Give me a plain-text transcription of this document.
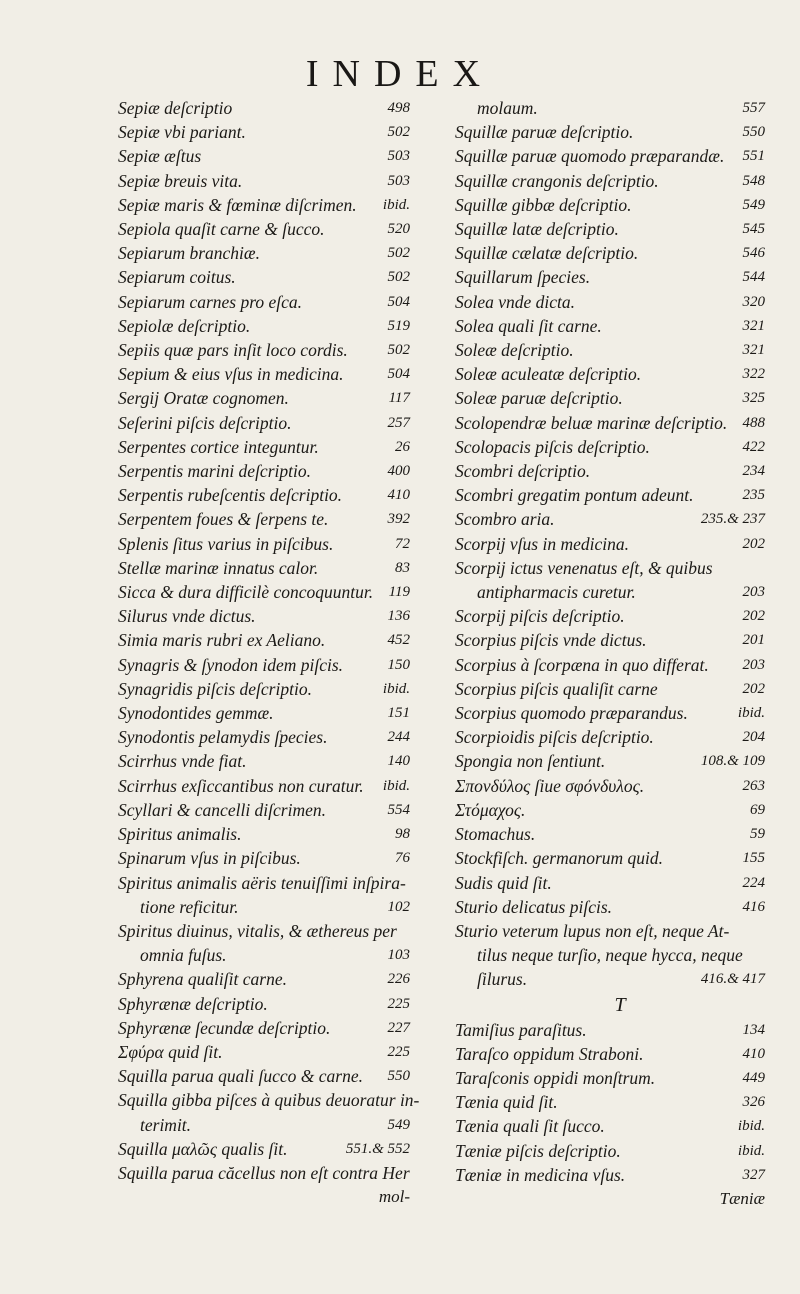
INDEX
Sepiæ deſcriptio	498
Sepiæ vbi pariant.	502
Sepiæ æſtus	503
Sepiæ breuis vita.	503
Sepiæ maris & fœminæ diſcrimen. ibid.
Sepiola quaſit carne & ſucco.	520
Sepiarum branchiæ.	502
Sepiarum coitus.	502
Sepiarum carnes pro eſca.	504
Sepiolæ deſcriptio.	519
Sepiis quæ pars inſit loco cordis.	502
Sepium & eius vſus in medicina.	504
Sergij Oratæ cognomen.	117
Seſerini piſcis deſcriptio.	257
Serpentes cortice integuntur.	26
Serpentis marini deſcriptio.	400
Serpentis rubeſcentis deſcriptio.	410
Serpentem foues & ſerpens te.	392
Splenis ſitus varius in piſcibus.	72
Stellæ marinæ innatus calor.	83
Sicca & dura difficilè concoquuntur. 119
Silurus vnde dictus.	136
Simia maris rubri ex Aeliano.	452
Synagris & ſynodon idem piſcis.	150
Synagridis piſcis deſcriptio.	ibid.
Synodontides gemmæ.	151
Synodontis pelamydis ſpecies.	244
Scirrhus vnde fiat.	140
Scirrhus exſiccantibus non curatur. ibid.
Scyllari & cancelli diſcrimen.	554
Spiritus animalis.	98
Spinarum vſus in piſcibus.	76
Spiritus animalis aëris tenuiſſimi inſpira-
tione reficitur.	102
Spiritus diuinus, vitalis, & æthereus per
omnia fuſus.	103
Sphyrena qualiſit carne.	226
Sphyrænæ deſcriptio.	225
Sphyrænæ ſecundæ deſcriptio.	227
Σφύρα quid ſit.	225
Squilla parua quali ſucco & carne. 550
Squilla gibba piſces à quibus deuoratur in-
terimit.	549
Squilla μαλῶς qualis ſit.	551.& 552
Squilla parua căcellus non eſt contra Her
mol-
molaum.	557
Squillæ paruæ deſcriptio.	550
Squillæ paruæ quomodo præparandæ. 551
Squillæ crangonis deſcriptio.	548
Squillæ gibbæ deſcriptio.	549
Squillæ latæ deſcriptio.	545
Squillæ cælatæ deſcriptio.	546
Squillarum ſpecies.	544
Solea vnde dicta.	320
Solea quali ſit carne.	321
Soleæ deſcriptio.	321
Soleæ aculeatæ deſcriptio.	322
Soleæ paruæ deſcriptio.	325
Scolopendræ beluæ marinæ deſcriptio. 488
Scolopacis piſcis deſcriptio.	422
Scombri deſcriptio.	234
Scombri gregatim pontum adeunt.	235
Scombro aria.	235.& 237
Scorpij vſus in medicina.	202
Scorpij ictus venenatus eſt, & quibus
antipharmacis curetur.	203
Scorpij piſcis deſcriptio.	202
Scorpius piſcis vnde dictus.	201
Scorpius à ſcorpæna in quo differat. 203
Scorpius piſcis qualiſit carne	202
Scorpius quomodo præparandus.	ibid.
Scorpioidis piſcis deſcriptio.	204
Spongia non ſentiunt.	108.& 109
Σπονδύλος ſiue σφόνδυλος.	263
Στόμαχος.	69
Stomachus.	59
Stockfiſch. germanorum quid.	155
Sudis quid ſit.	224
Sturio delicatus piſcis.	416
Sturio veterum lupus non eſt, neque At-
tilus neque turſio, neque hycca, neque
ſilurus.	416.& 417
T
Tamiſius paraſitus.	134
Taraſco oppidum Straboni.	410
Taraſconis oppidi monſtrum.	449
Tænia quid ſit.	326
Tænia quali ſit ſucco.	ibid.
Tæniæ piſcis deſcriptio.	ibid.
Tæniæ in medicina vſus.	327
Tæniæ
